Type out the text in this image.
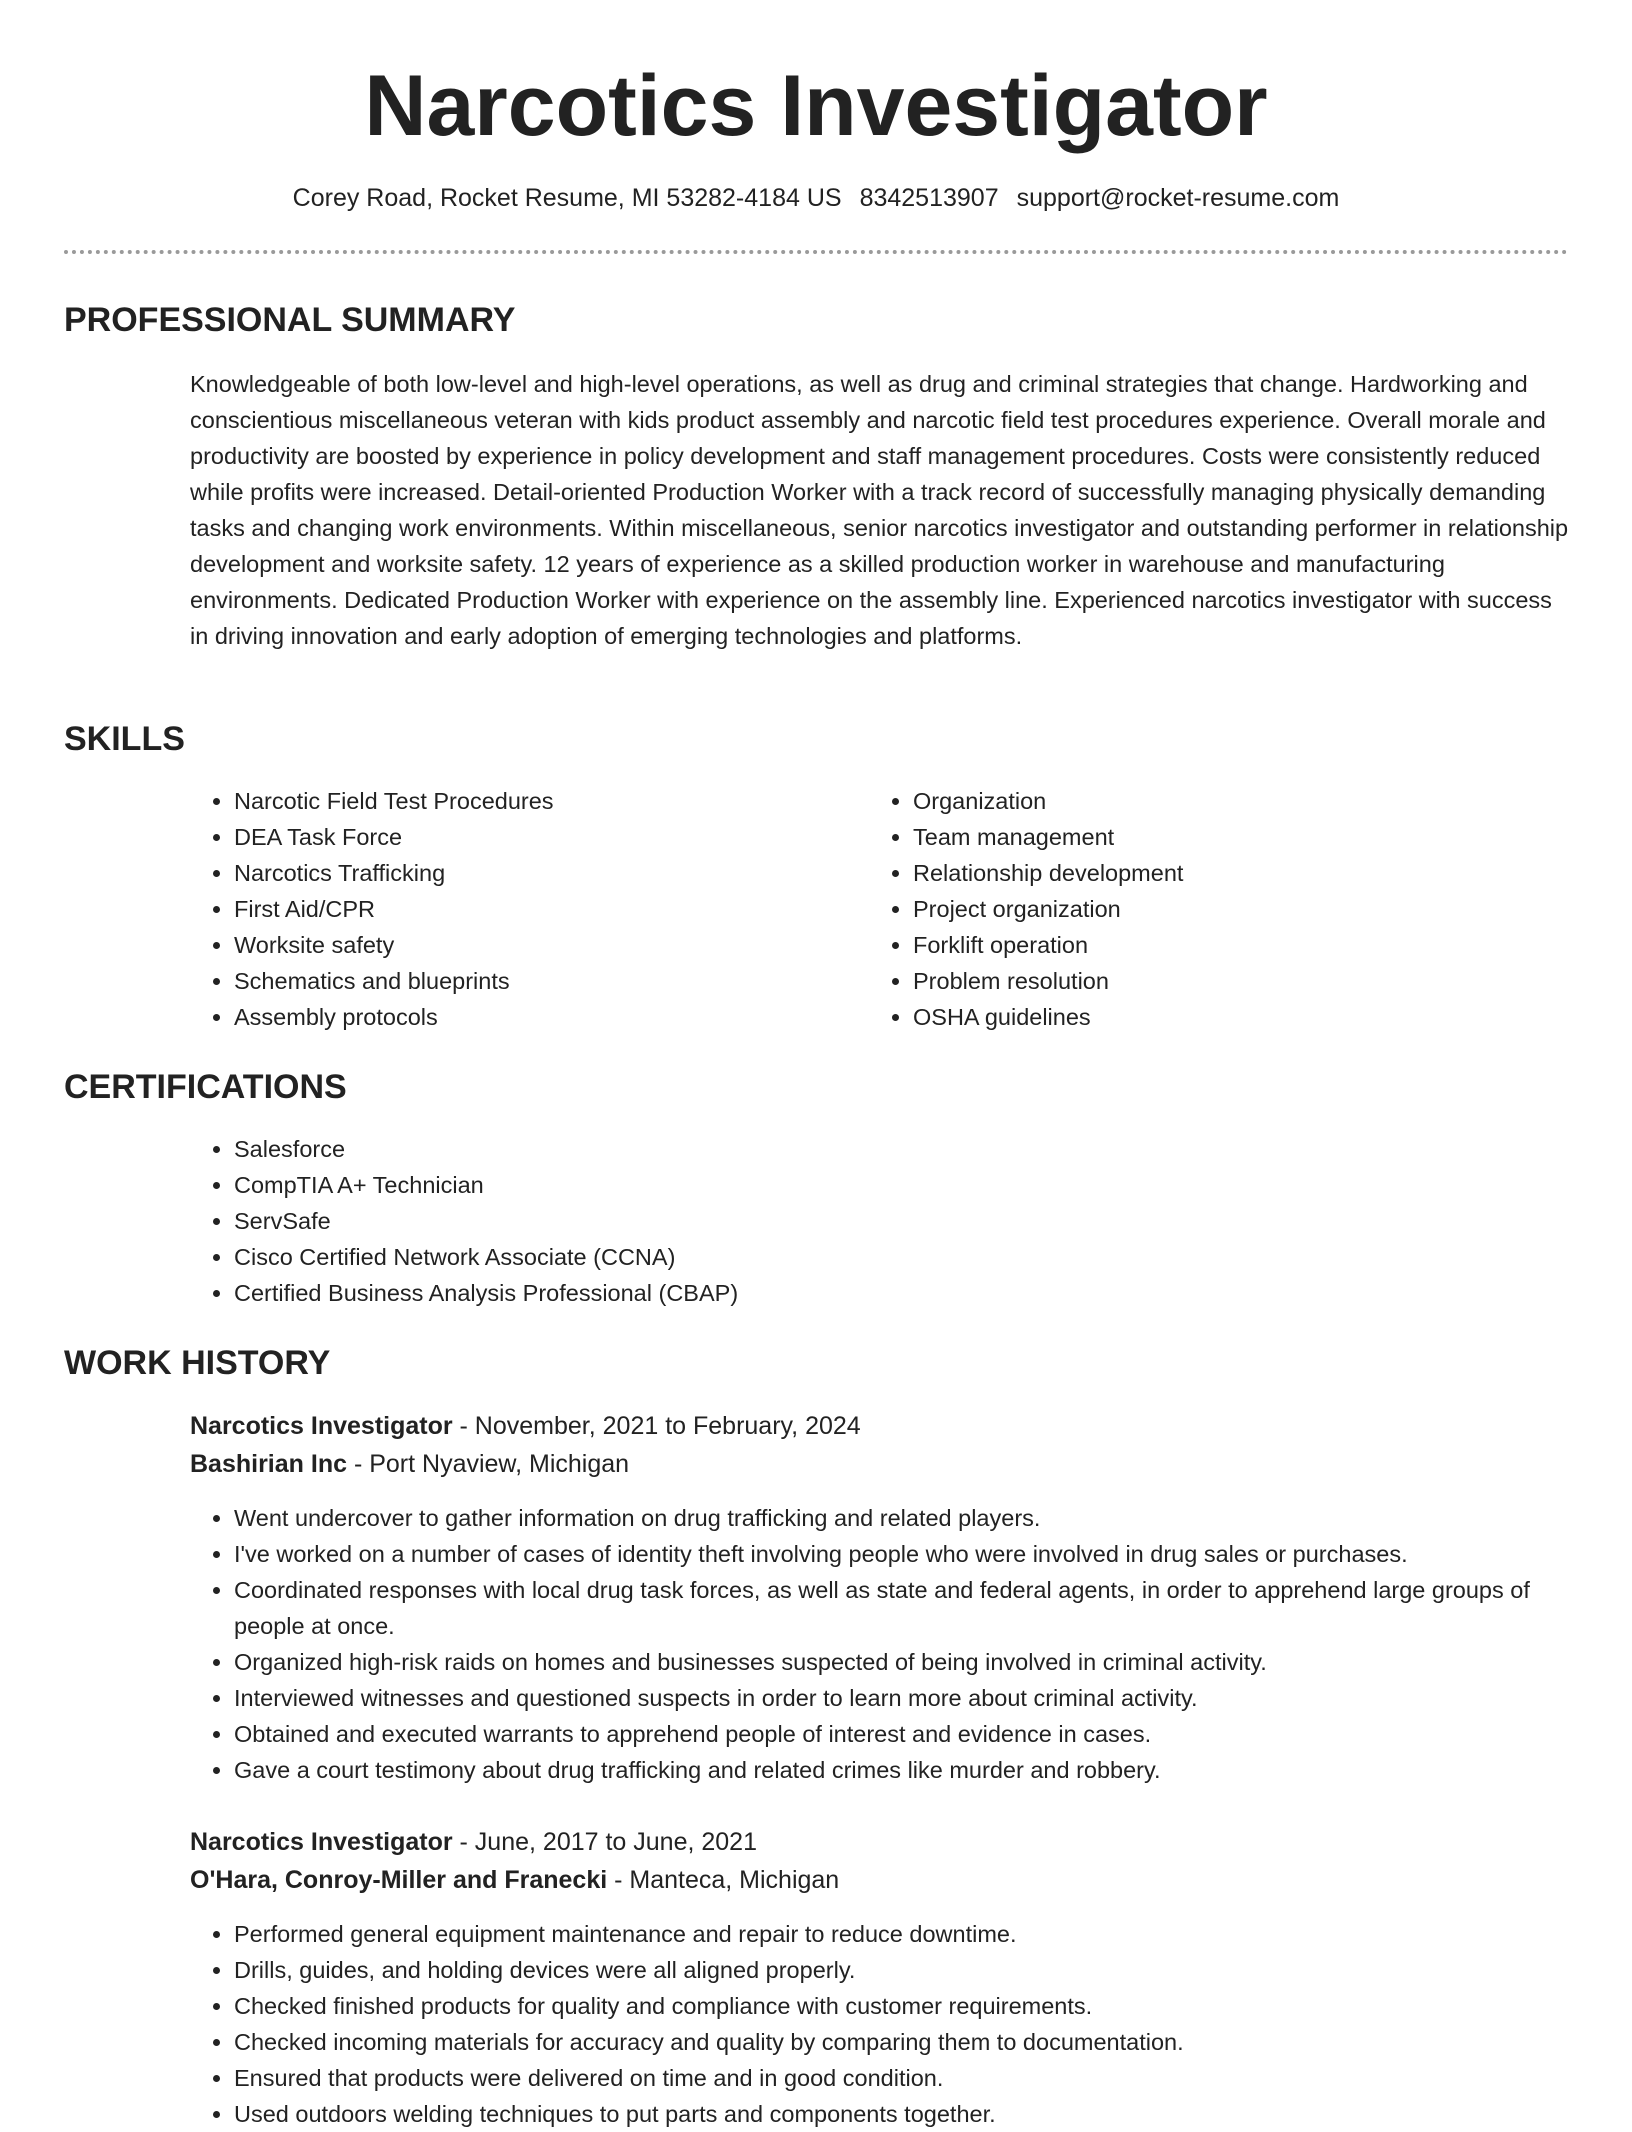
Narcotics Investigator
Corey Road, Rocket Resume, MI 53282-4184 US 8342513907 support@rocket-resume.com
PROFESSIONAL SUMMARY

Knowledgeable of both low-level and high-level operations, as well as drug and criminal strategies that change. Hardworking and conscientious miscellaneous veteran with kids product assembly and narcotic field test procedures experience. Overall morale and productivity are boosted by experience in policy development and staff management procedures. Costs were consistently reduced while profits were increased. Detail-oriented Production Worker with a track record of successfully managing physically demanding tasks and changing work environments. Within miscellaneous, senior narcotics investigator and outstanding performer in relationship development and worksite safety. 12 years of experience as a skilled production worker in warehouse and manufacturing environments. Dedicated Production Worker with experience on the assembly line. Experienced narcotics investigator with success in driving innovation and early adoption of emerging technologies and platforms.

SKILLS
• Narcotic Field Test Procedures
• DEA Task Force
• Narcotics Trafficking
• First Aid/CPR
• Worksite safety
• Schematics and blueprints
• Assembly protocols
• Organization
• Team management
• Relationship development
• Project organization
• Forklift operation
• Problem resolution
• OSHA guidelines
CERTIFICATIONS
• Salesforce
• CompTIA A+ Technician
• ServSafe
• Cisco Certified Network Associate (CCNA)
• Certified Business Analysis Professional (CBAP)
WORK HISTORY

Narcotics Investigator - November, 2021 to February, 2024

Bashirian Inc - Port Nyaview, Michigan

• Went undercover to gather information on drug trafficking and related players.
• I've worked on a number of cases of identity theft involving people who were involved in drug sales or purchases.
• Coordinated responses with local drug task forces, as well as state and federal agents, in order to apprehend large groups of people at once.
• Organized high-risk raids on homes and businesses suspected of being involved in criminal activity.
• Interviewed witnesses and questioned suspects in order to learn more about criminal activity.
• Obtained and executed warrants to apprehend people of interest and evidence in cases.
• Gave a court testimony about drug trafficking and related crimes like murder and robbery.

Narcotics Investigator - June, 2017 to June, 2021

O'Hara, Conroy-Miller and Franecki - Manteca, Michigan

• Performed general equipment maintenance and repair to reduce downtime.
• Drills, guides, and holding devices were all aligned properly.
• Checked finished products for quality and compliance with customer requirements.
• Checked incoming materials for accuracy and quality by comparing them to documentation.
• Ensured that products were delivered on time and in good condition.
• Used outdoors welding techniques to put parts and components together.
